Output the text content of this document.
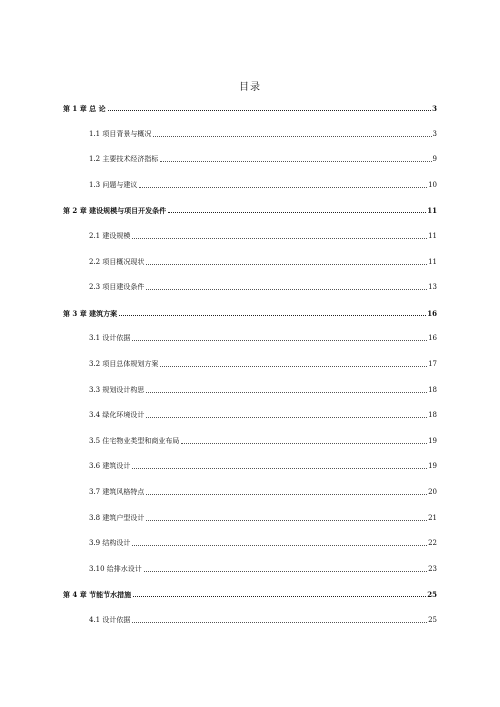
目录
第 1 章 总 论	3
1.1 项目背景与概况	3
1.2 主要技术经济指标	9
1.3 问题与建议	10
第 2 章 建设规模与项目开发条件	11
2.1 建设规模	11
2.2 项目概况现状	11
2.3 项目建设条件	13
第 3 章 建筑方案	16
3.1 设计依据	16
3.2 项目总体规划方案	17
3.3 规划设计构思	18
3.4 绿化环境设计	18
3.5 住宅物业类型和商业布局	19
3.6 建筑设计	19
3.7 建筑风格特点	20
3.8 建筑户型设计	21
3.9 结构设计	22
3.10 给排水设计	23
第 4 章 节能节水措施	25
4.1 设计依据	25
